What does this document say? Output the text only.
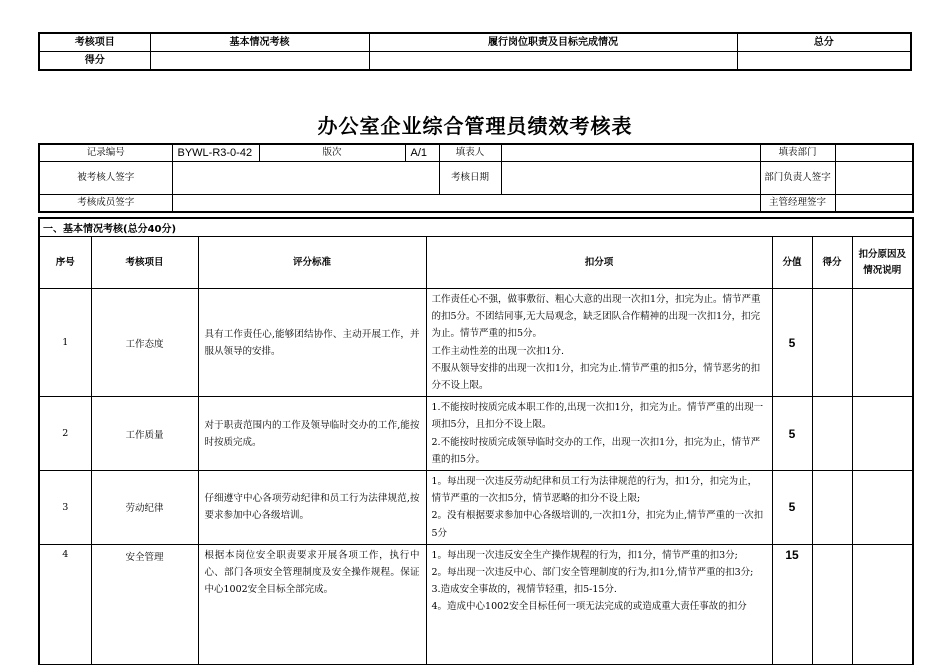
考核项目	基本情况考核	履行岗位职责及目标完成情况	总分
得分			
办公室企业综合管理员绩效考核表
记录编号	BYWL-R3-0-42	版次	A/1	填表人		填表部门	
被考核人签字				考核日期		部门负责人签字	
考核成员签字						主管经理签字	
一、基本情况考核(总分40分)						
序号	考核项目	评分标准	扣分项	分值	得分	扣分原因及情况说明
1	工作态度	具有工作责任心,能够团结协作、主动开展工作，并服从领导的安排。	工作责任心不强，做事敷衍、粗心大意的出现一次扣1分，扣完为止。情节严重的扣5分。不团结同事,无大局观念，缺乏团队合作精神的出现一次扣1分，扣完为止。情节严重的扣5分。
工作主动性差的出现一次扣1分.
不服从领导安排的出现一次扣1分，扣完为止.情节严重的扣5分，情节恶劣的扣分不设上限。	5		
2	工作质量	对于职责范围内的工作及领导临时交办的工作,能按时按质完成。	1.不能按时按质完成本职工作的,出现一次扣1分，扣完为止。情节严重的出现一项扣5分，且扣分不设上限。
2.不能按时按质完成领导临时交办的工作，出现一次扣1分，扣完为止，情节严重的扣5分。	5		
3	劳动纪律	仔细遵守中心各项劳动纪律和员工行为法律规范,按要求参加中心各级培训。	1。每出现一次违反劳动纪律和员工行为法律规范的行为，扣1分，扣完为止，情节严重的一次扣5分，情节恶略的扣分不设上限;
2。没有根据要求参加中心各级培训的,一次扣1分，扣完为止,情节严重的一次扣5分	5		
4	安全管理	根据本岗位安全职责要求开展各项工作，执行中心、部门各项安全管理制度及安全操作规程。保证中心1002安全目标全部完成。	1。每出现一次违反安全生产操作规程的行为，扣1分，情节严重的扣3分;
2。每出现一次违反中心、部门安全管理制度的行为,扣1分,情节严重的扣3分;
3.造成安全事故的，视情节轻重，扣5-15分.
4。造成中心1002安全目标任何一项无法完成的或造成重大责任事故的扣分	15		
